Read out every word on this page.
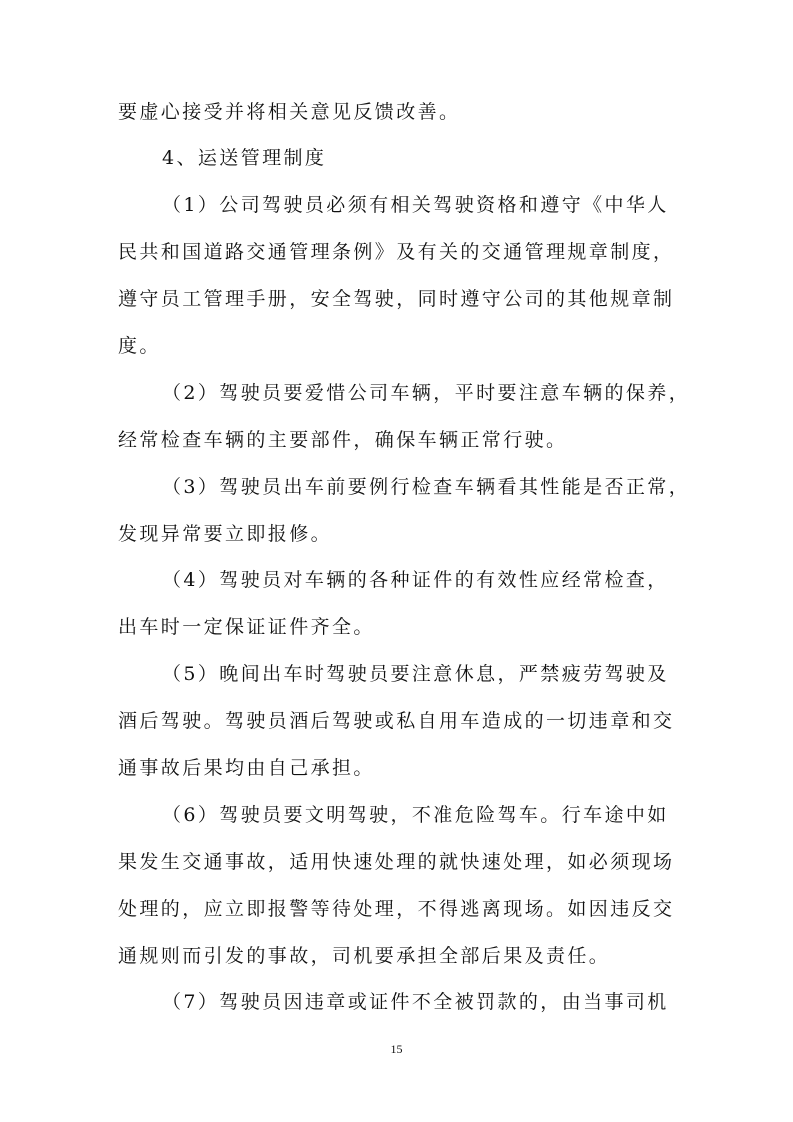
要虚心接受并将相关意见反馈改善。
4、运送管理制度
（1）公司驾驶员必须有相关驾驶资格和遵守《中华人
民共和国道路交通管理条例》及有关的交通管理规章制度，
遵守员工管理手册，安全驾驶，同时遵守公司的其他规章制
度。
（2）驾驶员要爱惜公司车辆，平时要注意车辆的保养，
经常检查车辆的主要部件，确保车辆正常行驶。
（3）驾驶员出车前要例行检查车辆看其性能是否正常，
发现异常要立即报修。
（4）驾驶员对车辆的各种证件的有效性应经常检查，
出车时一定保证证件齐全。
（5）晚间出车时驾驶员要注意休息，严禁疲劳驾驶及
酒后驾驶。驾驶员酒后驾驶或私自用车造成的一切违章和交
通事故后果均由自己承担。
（6）驾驶员要文明驾驶，不准危险驾车。行车途中如
果发生交通事故，适用快速处理的就快速处理，如必须现场
处理的，应立即报警等待处理，不得逃离现场。如因违反交
通规则而引发的事故，司机要承担全部后果及责任。
（7）驾驶员因违章或证件不全被罚款的，由当事司机
15
